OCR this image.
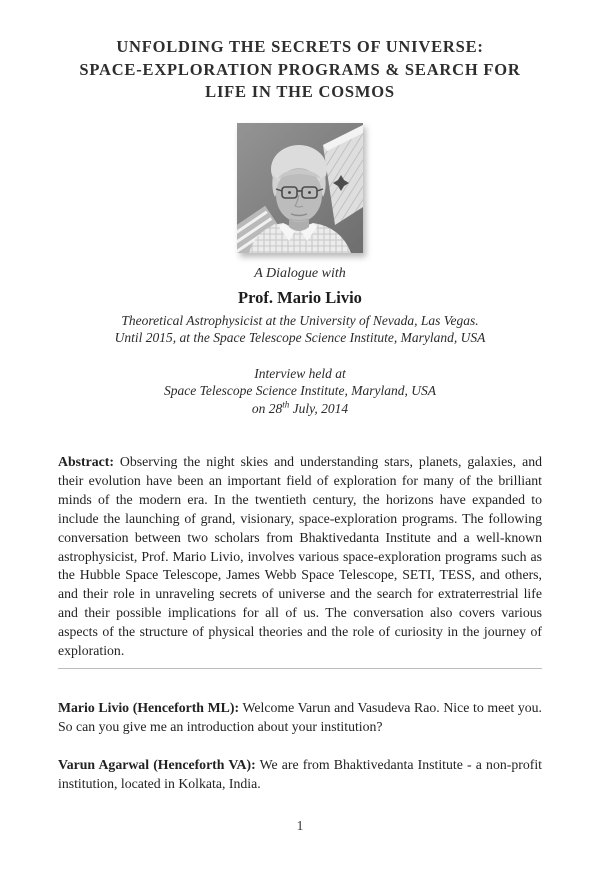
UNFOLDING THE SECRETS OF UNIVERSE:
SPACE-EXPLORATION PROGRAMS & SEARCH FOR
LIFE IN THE COSMOS
A Dialogue with
Prof. Mario Livio
Theoretical Astrophysicist at the University of Nevada, Las Vegas.
Until 2015, at the Space Telescope Science Institute, Maryland, USA
Interview held at
Space Telescope Science Institute, Maryland, USA
on 28th July, 2014

Abstract: Observing the night skies and understanding stars, planets, galaxies, and their evolution have been an important field of exploration for many of the brilliant minds of the modern era. In the twentieth century, the horizons have expanded to include the launching of grand, visionary, space-exploration programs. The following conversation between two scholars from Bhaktivedanta Institute and a well-known astrophysicist, Prof. Mario Livio, involves various space-exploration programs such as the Hubble Space Telescope, James Webb Space Telescope, SETI, TESS, and others, and their role in unraveling secrets of universe and the search for extraterrestrial life and their possible implications for all of us. The conversation also covers various aspects of the structure of physical theories and the role of curiosity in the journey of exploration.

Mario Livio (Henceforth ML): Welcome Varun and Vasudeva Rao. Nice to meet you. So can you give me an introduction about your institution?

Varun Agarwal (Henceforth VA): We are from Bhaktivedanta Institute - a non-profit institution, located in Kolkata, India.

1
